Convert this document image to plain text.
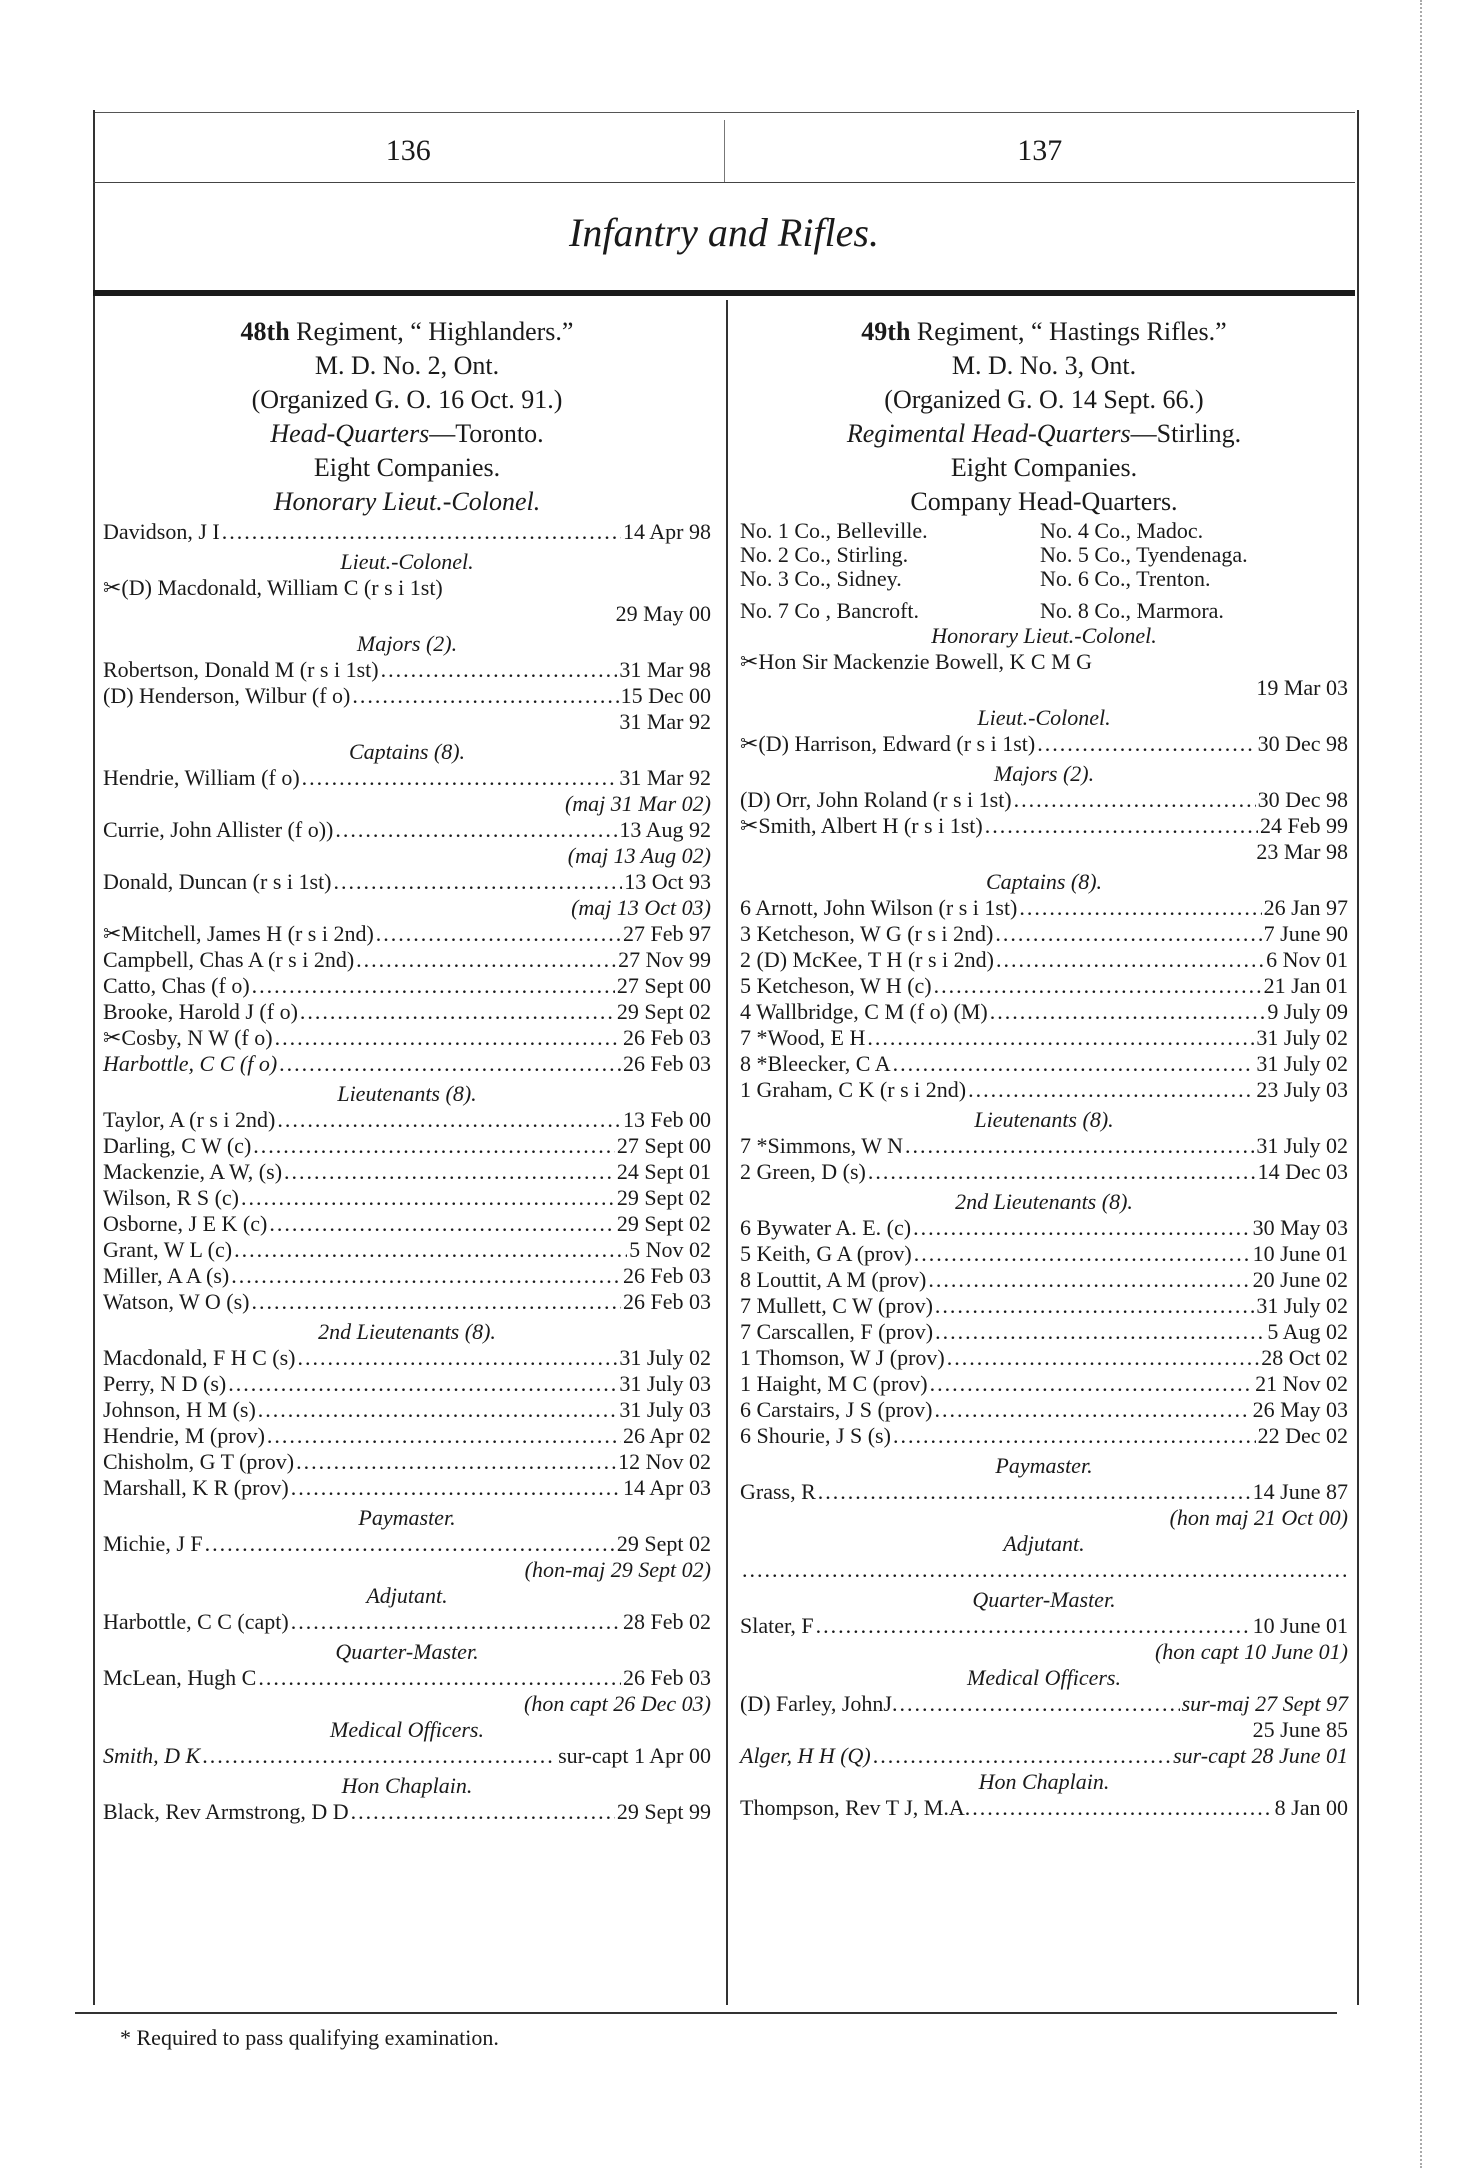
136	137
Infantry and Rifles.
48th Regiment, “ Highlanders.”
M. D. No. 2, Ont.
(Organized G. O. 16 Oct. 91.)
Head-Quarters—Toronto.
Eight Companies.
Honorary Lieut.-Colonel.
Davidson, J I .....	14 Apr 98
Lieut.-Colonel.
✂(D) Macdonald, William C (r s i 1st)
29 May 00
Majors (2).
Robertson, Donald M (r s i 1st) .....	31 Mar 98
(D) Henderson, Wilbur (f o) .....	15 Dec 00
31 Mar 92
Captains (8).
Hendrie, William (f o) .....	31 Mar 92
(maj 31 Mar 02)
Currie, John Allister (f o)) .....	13 Aug 92
(maj 13 Aug 02)
Donald, Duncan (r s i 1st) .....	13 Oct 93
(maj 13 Oct 03)
✂Mitchell, James H (r s i 2nd) .....	27 Feb 97
Campbell, Chas A (r s i 2nd) .....	27 Nov 99
Catto, Chas (f o) .....	27 Sept 00
Brooke, Harold J (f o) .....	29 Sept 02
✂Cosby, N W (f o) .....	26 Feb 03
Harbottle, C C (f o) .....	26 Feb 03
Lieutenants (8).
Taylor, A (r s i 2nd) .....	13 Feb 00
Darling, C W (c) .....	27 Sept 00
Mackenzie, A W, (s) .....	24 Sept 01
Wilson, R S (c) .....	29 Sept 02
Osborne, J E K (c) .....	29 Sept 02
Grant, W L (c) .....	5 Nov 02
Miller, A A (s) .....	26 Feb 03
Watson, W O (s) .....	26 Feb 03
2nd Lieutenants (8).
Macdonald, F H C (s) .....	31 July 02
Perry, N D (s) .....	31 July 03
Johnson, H M (s) .....	31 July 03
Hendrie, M (prov) .....	26 Apr 02
Chisholm, G T (prov) .....	12 Nov 02
Marshall, K R (prov) .....	14 Apr 03
Paymaster.
Michie, J F .....	29 Sept 02
(hon-maj 29 Sept 02)
Adjutant.
Harbottle, C C (capt) .....	28 Feb 02
Quarter-Master.
McLean, Hugh C .....	26 Feb 03
(hon capt 26 Dec 03)
Medical Officers.
Smith, D K .....	sur-capt 1 Apr 00
Hon Chaplain.
Black, Rev Armstrong, D D .....	29 Sept 99
49th Regiment, “ Hastings Rifles.”
M. D. No. 3, Ont.
(Organized G. O. 14 Sept. 66.)
Regimental Head-Quarters—Stirling.
Eight Companies.
Company Head-Quarters.
No. 1 Co., Belleville.	No. 4 Co., Madoc.
No. 2 Co., Stirling.	No. 5 Co., Tyendenaga.
No. 3 Co., Sidney.	No. 6 Co., Trenton.
No. 7 Co , Bancroft.	No. 8 Co., Marmora.
Honorary Lieut.-Colonel.
✂Hon Sir Mackenzie Bowell, K C M G
19 Mar 03
Lieut.-Colonel.
✂(D) Harrison, Edward (r s i 1st) .....	30 Dec 98
Majors (2).
(D) Orr, John Roland (r s i 1st) .....	30 Dec 98
✂Smith, Albert H (r s i 1st) .....	24 Feb 99
23 Mar 98
Captains (8).
6 Arnott, John Wilson (r s i 1st) .....	26 Jan 97
3 Ketcheson, W G (r s i 2nd) .....	7 June 90
2 (D) McKee, T H (r s i 2nd) .....	6 Nov 01
5 Ketcheson, W H (c) .....	21 Jan 01
4 Wallbridge, C M (f o) (M) .....	9 July 09
7 *Wood, E H .....	31 July 02
8 *Bleecker, C A .....	31 July 02
1 Graham, C K (r s i 2nd) .....	23 July 03
Lieutenants (8).
7 *Simmons, W N .....	31 July 02
2 Green, D (s) .....	14 Dec 03
2nd Lieutenants (8).
6 Bywater A. E. (c) .....	30 May 03
5 Keith, G A (prov) .....	10 June 01
8 Louttit, A M (prov) .....	20 June 02
7 Mullett, C W (prov) .....	31 July 02
7 Carscallen, F (prov) .....	5 Aug 02
1 Thomson, W J (prov) .....	28 Oct 02
1 Haight, M C (prov) .....	21 Nov 02
6 Carstairs, J S (prov) .....	26 May 03
6 Shourie, J S (s) .....	22 Dec 02
Paymaster.
Grass, R .....	14 June 87
(hon maj 21 Oct 00)
Adjutant.
.....
Quarter-Master.
Slater, F .....	10 June 01
(hon capt 10 June 01)
Medical Officers.
(D) Farley, JohnJ. .....	sur-maj 27 Sept 97
25 June 85
Alger, H H (Q) .....	sur-capt 28 June 01
Hon Chaplain.
Thompson, Rev T J, M.A. .....	8 Jan 00
* Required to pass qualifying examination.
